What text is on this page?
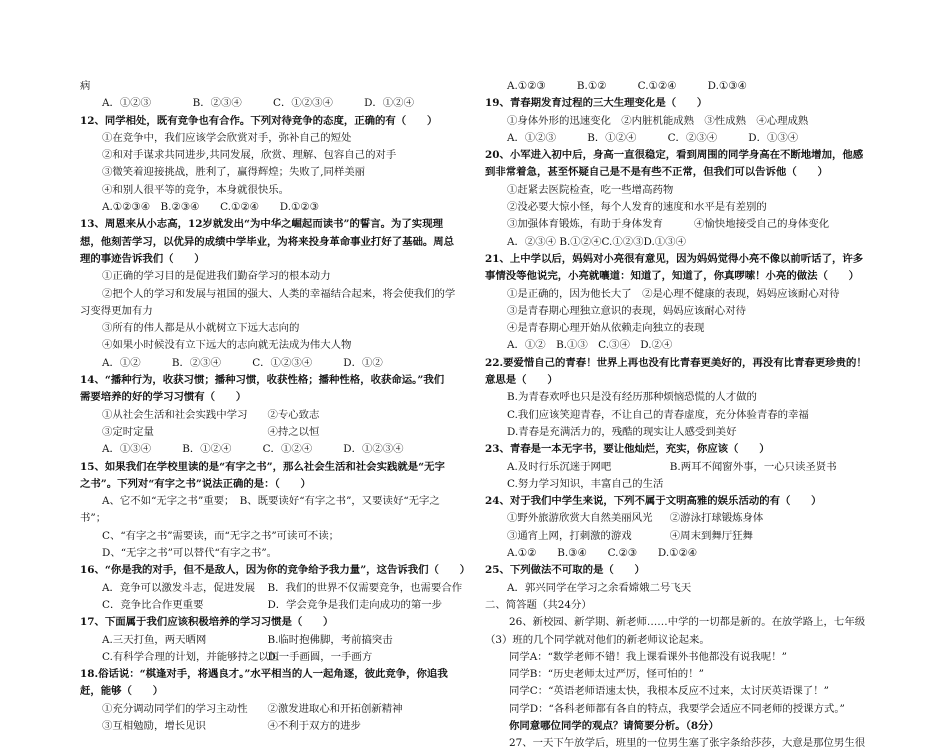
病
A．①②③　　　　B．②③④　　　C．①②③④　　　D．①②④
12、同学相处，既有竞争也有合作。下列对待竞争的态度，正确的有（　　）
①在竞争中，我们应该学会欣赏对手，弥补自己的短处
②和对手谋求共同进步,共同发展，欣赏、理解、包容自己的对手
③微笑着迎接挑战，胜利了，赢得辉煌；失败了,同样美丽
④和别人很平等的竞争，本身就很快乐。
A.①②③④　B.②③④　　C.①②④　　D.①②③
13、周恩来从小志高，12岁就发出“为中华之崛起而读书”的誓言。为了实现理
想，他刻苦学习，以优异的成绩中学毕业，为将来投身革命事业打好了基础。周总
理的事迹告诉我们（　　）
①正确的学习目的是促进我们勤奋学习的根本动力
②把个人的学习和发展与祖国的强大、人类的幸福结合起来，将会使我们的学
习变得更加有力
③所有的伟人都是从小就树立下远大志向的
④如果小时候没有立下远大的志向就无法成为伟大人物
A．①②　　　B．②③④　　　C．①②③④　　　D．①②
14、“播种行为，收获习惯；播种习惯，收获性格；播种性格，收获命运。”我们
需要培养的好的学习习惯有（　　）
①从社会生活和社会实践中学习	②专心致志
③定时定量	④持之以恒
A．①③④　　　B．①②④　　　C．①②④　　　D．①②③④
15、如果我们在学校里读的是“有字之书”，那么社会生活和社会实践就是“无字
之书”。下列对“有字之书”说法正确的是：（　　）
A、它不如“无字之书”重要；　B、既要读好“有字之书”，又要读好“无字之
书”；
C、“有字之书”需要读，而“无字之书”可读可不读；
D、“无字之书”可以替代“有字之书”。
16、“你是我的对手，但不是敌人，因为你的竞争给予我力量”，这告诉我们（　　）
A．竞争可以激发斗志，促进发展	B．我们的世界不仅需要竞争，也需要合作
C．竞争比合作更重要	D．学会竞争是我们走向成功的第一步
17、下面属于我们应该积极培养的学习习惯是（　　）
A.三天打鱼，两天晒网	B.临时抱佛脚，考前搞突击
C.有科学合理的计划，并能够持之以恒
D.一手画圆，一手画方
18.俗话说：“棋逢对手，将遇良才。”水平相当的人一起角逐，彼此竞争，你追我
赶，能够（　　）
①充分调动同学们的学习主动性	②激发进取心和开拓创新精神
③互相勉励，增长见识	④不利于双方的进步
A.①②③　　　B.①②　　　C.①②④　　　D.①③④
19、青春期发育过程的三大生理变化是（　　）
①身体外形的迅速变化　②内脏机能成熟　③性成熟　④心理成熟
A．①②③　　　B．①②④　　　C．②③④　　　D．①③④
20、小军进入初中后，身高一直很稳定，看到周围的同学身高在不断地增加，他感
到非常着急，甚至怀疑自己是不是有些不正常，但我们可以告诉他（　　）
①赶紧去医院检查，吃一些增高药物
②没必要大惊小怪，每个人发育的速度和水平是有差别的
③加强体育锻炼，有助于身体发育　　　④愉快地接受自己的身体变化
A．②③④ B.①②④C.①②③D.①③④
21、上中学以后，妈妈对小亮很有意见，因为妈妈觉得小亮不像以前听话了，许多
事情没等他说完，小亮就嚷道：知道了，知道了，你真啰嗦！小亮的做法（　　）
①是正确的，因为他长大了　②是心理不健康的表现，妈妈应该耐心对待
③是青春期心理独立意识的表现，妈妈应该耐心对待
④是青春期心理开始从依赖走向独立的表现
A．①②　B.①③　C.③④　D.②④
22.要爱惜自己的青春！世界上再也没有比青春更美好的，再没有比青春更珍贵的！
意思是（　　）
B.为青春欢呼也只是没有经历那种烦恼恐慌的人才做的
C.我们应该笑迎青春，不让自己的青春虚度，充分体验青春的幸福
D.青春是充满活力的，残酷的现实让人感受到美好
23、青春是一本无字书，要让他灿烂，充实，你应该（　　）
A.及时行乐沉迷于网吧	B.两耳不闻窗外事，一心只读圣贤书
C.努力学习知识，丰富自己的生活
24、对于我们中学生来说，下列不属于文明高雅的娱乐活动的有（　　）
①野外旅游欣赏大自然美丽风光	②游泳打球锻炼身体
③通宵上网，打刺激的游戏	④周末到舞厅狂舞
A.①②　　B.③④　　C.②③　　D.①②④
25、下列做法不可取的是（　　）
A．郭兴同学在学习之余看嫦娥二号飞天
二、简答题（共24分）
26、新校园、新学期、新老师……中学的一切都是新的。在放学路上，七年级
（3）班的几个同学就对他们的新老师议论起来。
同学A：“数学老师不错！我上课看课外书他都没有说我呢！”
同学B：“历史老师太过严厉，怪可怕的！”
同学C：“英语老师语速太快，我根本反应不过来，太讨厌英语课了！”
同学D：“各科老师都有各自的特点，我要学会适应不同老师的授课方式。”
你同意哪位同学的观点？请简要分析。（8分）
27、一天下午放学后，班里的一位男生塞了张字条给莎莎，大意是那位男生很
